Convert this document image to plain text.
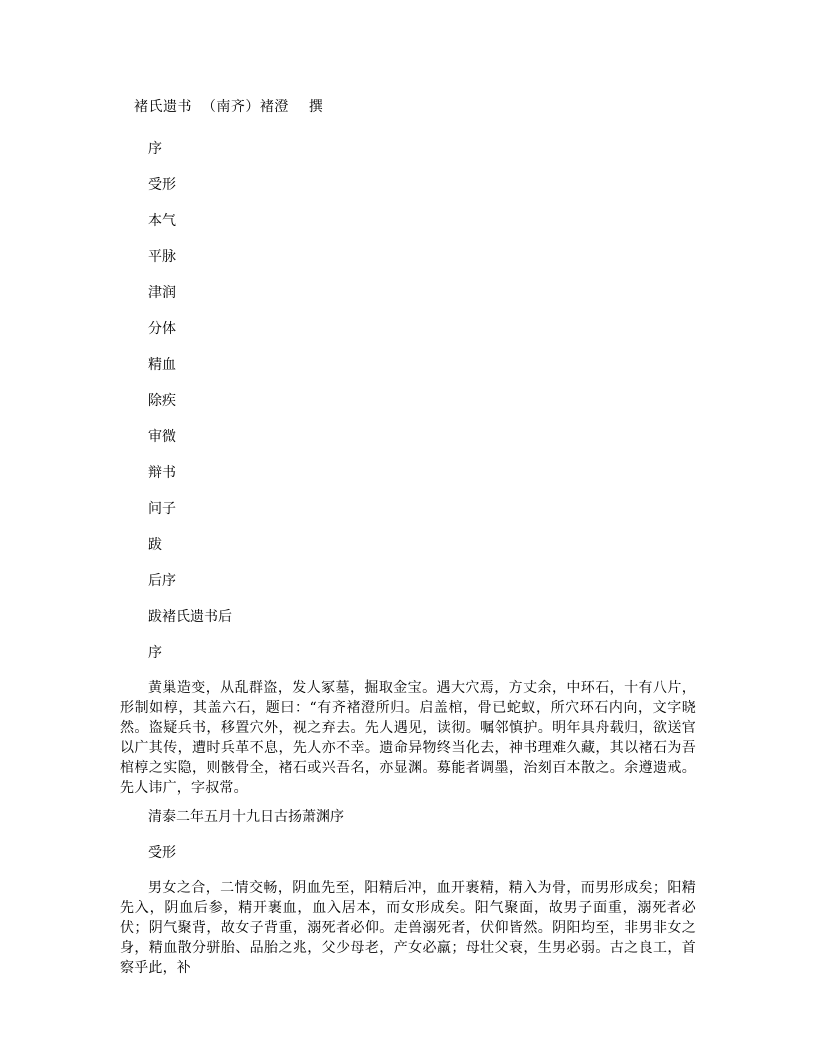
褚氏遗书  （南齐）褚澄    撰
序
受形
本气
平脉
津润
分体
精血
除疾
审微
辩书
问子
跋
后序
跋褚氏遗书后
序
黄巢造变，从乱群盗，发人冢墓，掘取金宝。遇大穴焉，方丈余，中环石，十有八片，形制如椁，其盖六石，题曰：“有齐褚澄所归。启盖棺，骨已蛇蚁，所穴环石内向，文字晓然。盗疑兵书，移置穴外，视之弃去。先人遇见，读彻。嘱邻慎护。明年具舟载归，欲送官以广其传，遭时兵革不息，先人亦不幸。遗命异物终当化去，神书理难久藏，其以褚石为吾棺椁之实隐，则骸骨全，褚石或兴吾名，亦显渊。募能者调墨，治刻百本散之。余遵遗戒。先人讳广，字叔常。
清泰二年五月十九日古扬萧渊序
受形
男女之合，二情交畅，阴血先至，阳精后冲，血开裹精，精入为骨，而男形成矣；阳精先入，阴血后参，精开裹血，血入居本，而女形成矣。阳气聚面，故男子面重，溺死者必伏；阴气聚背，故女子背重，溺死者必仰。走兽溺死者，伏仰皆然。阴阳均至，非男非女之身，精血散分骈胎、品胎之兆，父少母老，产女必羸；母壮父衰，生男必弱。古之良工，首察乎此，补
